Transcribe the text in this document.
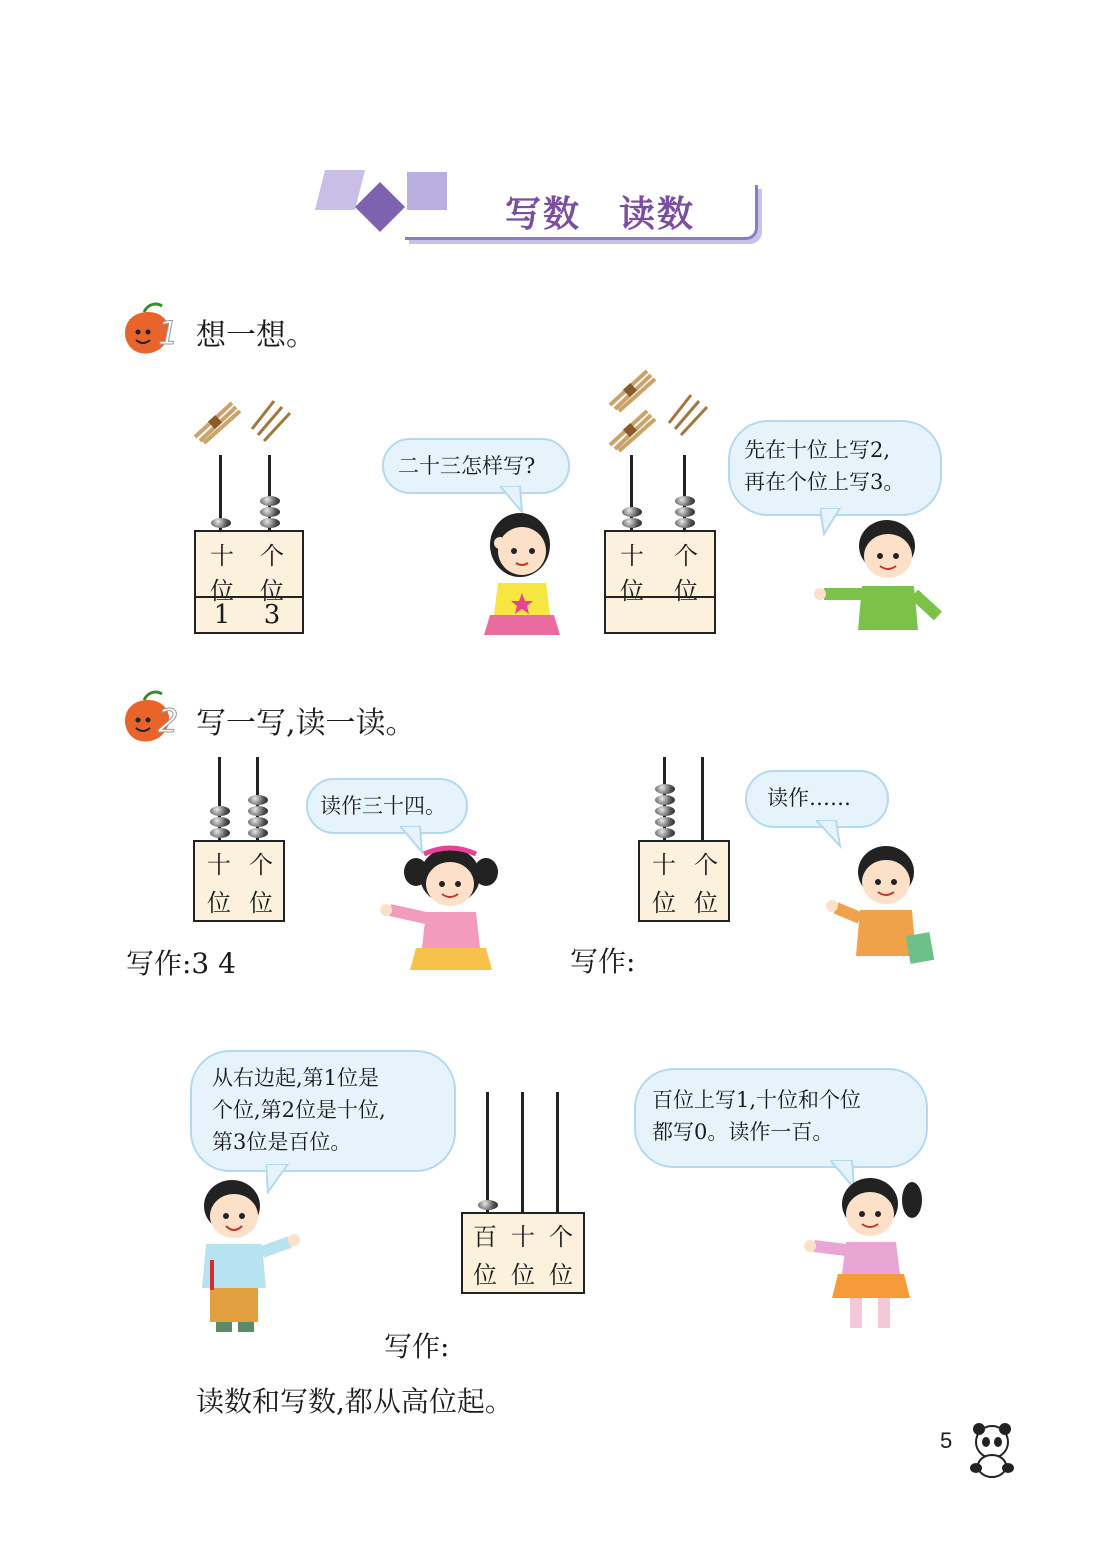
写数　读数
1 想一想。
十
位
个
位
1	3
二十三怎样写?
十
位
个
位
先在十位上写2,
再在个位上写3。
2 写一写,读一读。
十
位
个
位
读作三十四。
写作:3 4
十
位
个
位
读作……
写作:
从右边起,第1位是
个位,第2位是十位,
第3位是百位。
百
位
十
位
个
位
百位上写1,十位和个位
都写0。读作一百。
写作:
读数和写数,都从高位起。
5
